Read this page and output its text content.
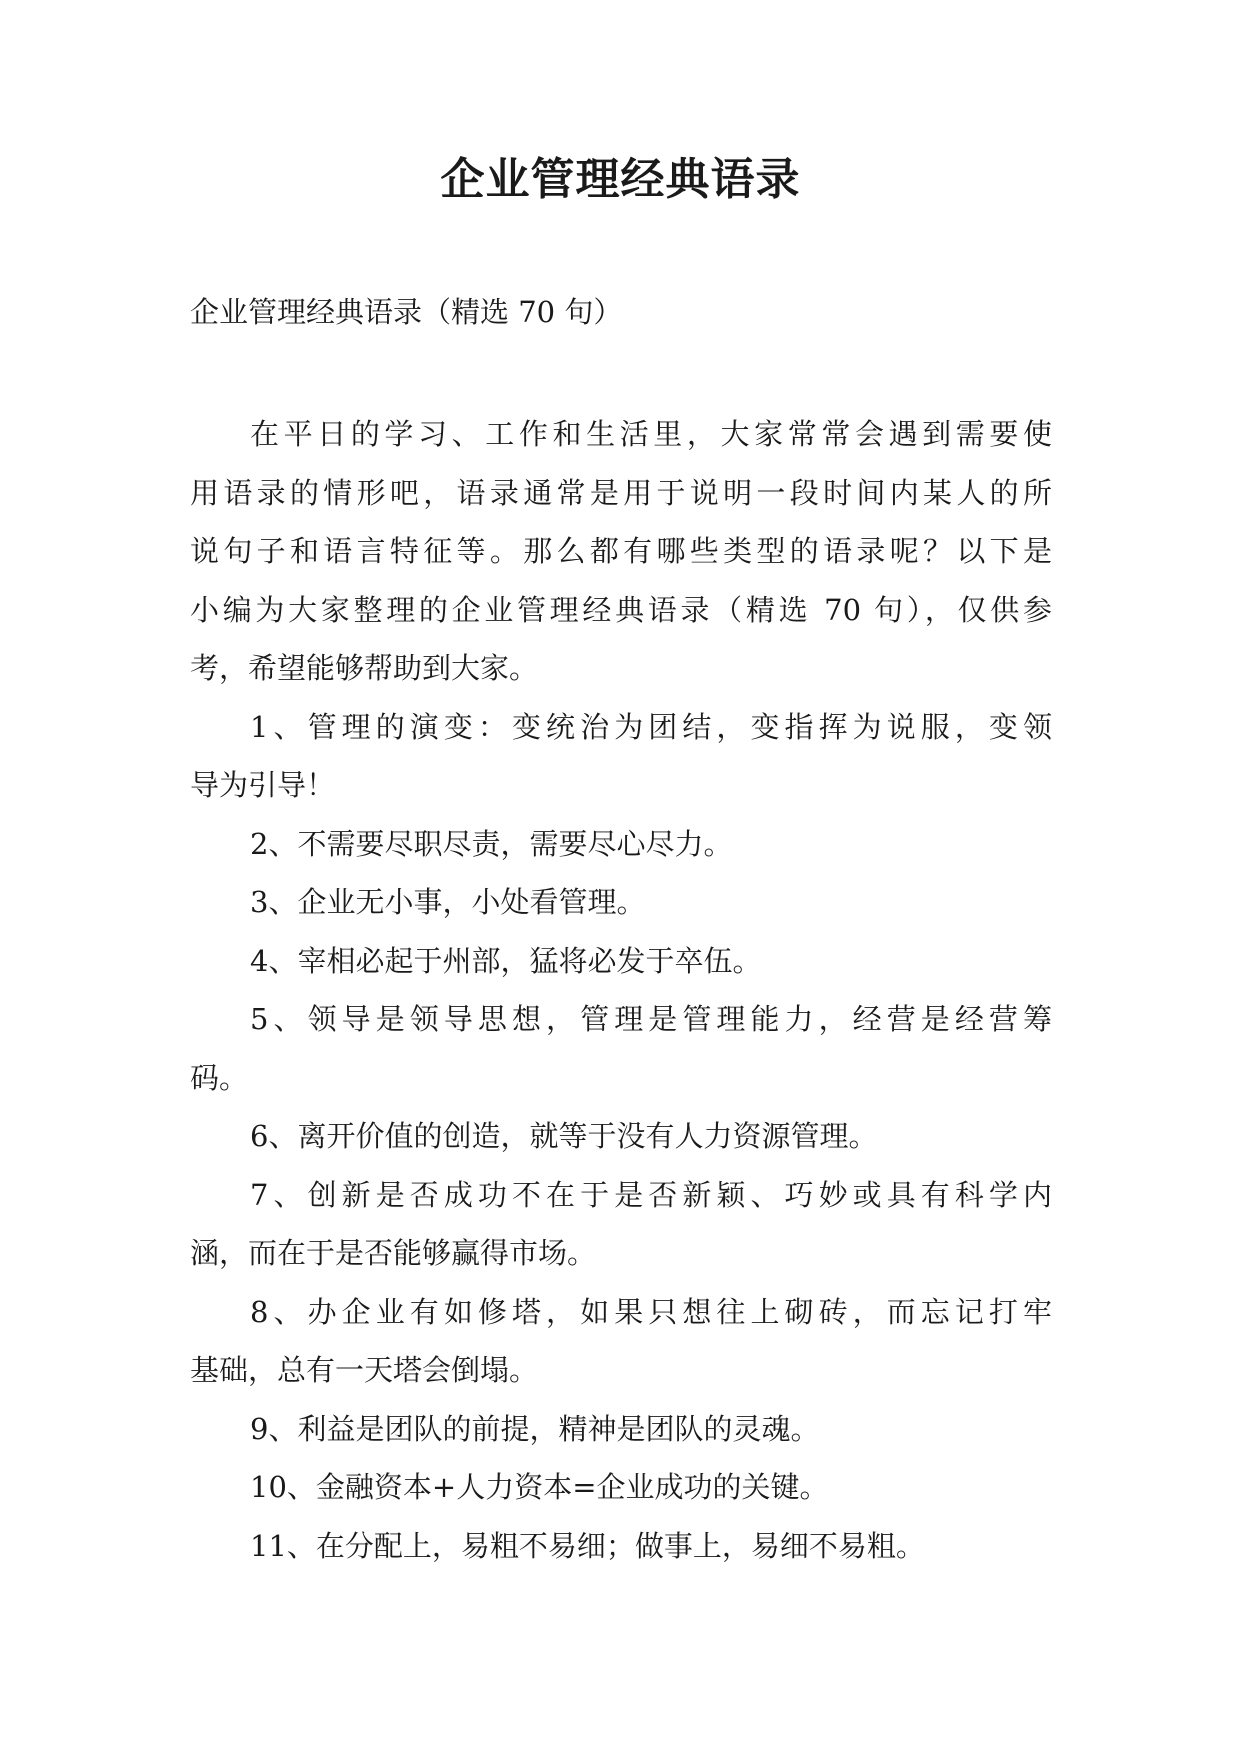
企业管理经典语录
企业管理经典语录（精选 70 句）

在平日的学习、工作和生活里，大家常常会遇到需要使
用语录的情形吧，语录通常是用于说明一段时间内某人的所
说句子和语言特征等。那么都有哪些类型的语录呢？以下是
小编为大家整理的企业管理经典语录（精选 70 句），仅供参
考，希望能够帮助到大家。

1、管理的演变：变统治为团结，变指挥为说服，变领
导为引导！

2、不需要尽职尽责，需要尽心尽力。

3、企业无小事，小处看管理。

4、宰相必起于州部，猛将必发于卒伍。

5、领导是领导思想，管理是管理能力，经营是经营筹
码。

6、离开价值的创造，就等于没有人力资源管理。

7、创新是否成功不在于是否新颖、巧妙或具有科学内
涵，而在于是否能够赢得市场。

8、办企业有如修塔，如果只想往上砌砖，而忘记打牢
基础，总有一天塔会倒塌。

9、利益是团队的前提，精神是团队的灵魂。

10、金融资本+人力资本=企业成功的关键。

11、在分配上，易粗不易细；做事上，易细不易粗。
